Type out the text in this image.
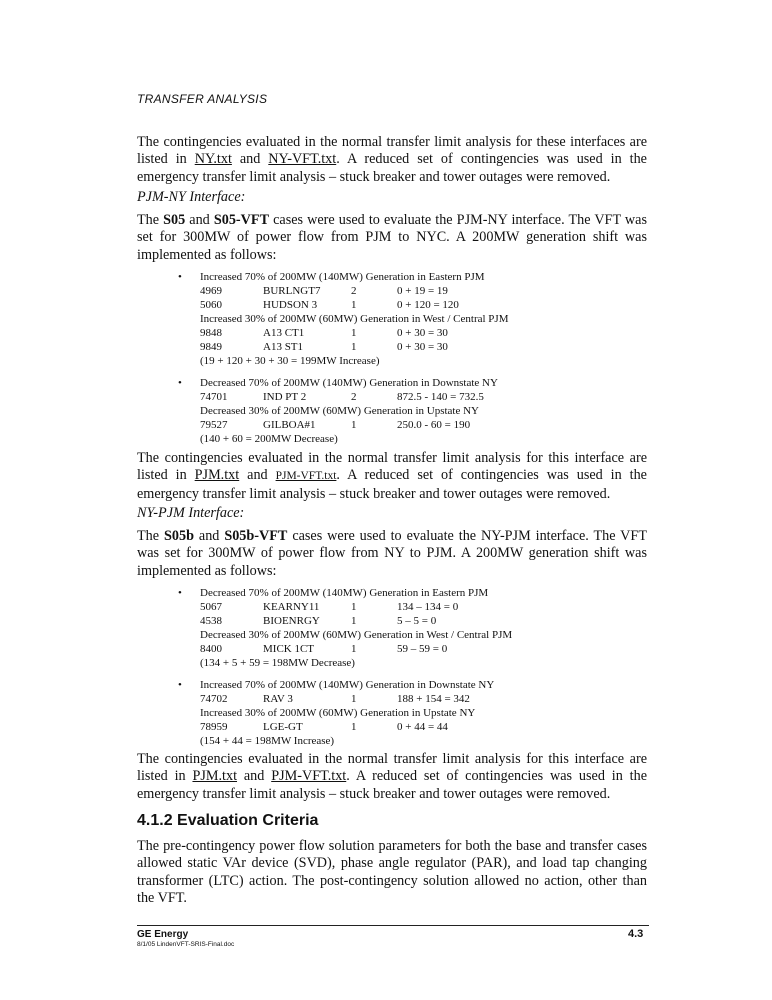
TRANSFER ANALYSIS

The contingencies evaluated in the normal transfer limit analysis for these interfaces are listed in NY.txt and NY-VFT.txt. A reduced set of contingencies was used in the emergency transfer limit analysis – stuck breaker and tower outages were removed.

PJM-NY Interface:

The S05 and S05-VFT cases were used to evaluate the PJM-NY interface. The VFT was set for 300MW of power flow from PJM to NYC. A 200MW generation shift was implemented as follows:

• Increased 70% of 200MW (140MW) Generation in Eastern PJM
4969	BURLNGT7	2	0 + 19 = 19
5060	HUDSON 3	1	0 + 120 = 120
Increased 30% of 200MW (60MW) Generation in West / Central PJM
9848	A13 CT1	1	0 + 30 = 30
9849	A13 ST1	1	0 + 30 = 30
(19 + 120 + 30 + 30 = 199MW Increase)
• Decreased 70% of 200MW (140MW) Generation in Downstate NY
74701	IND PT 2	2	872.5 - 140 = 732.5
Decreased 30% of 200MW (60MW) Generation in Upstate NY
79527	GILBOA#1	1	250.0 - 60 = 190
(140 + 60 = 200MW Decrease)

The contingencies evaluated in the normal transfer limit analysis for this interface are listed in PJM.txt and PJM-VFT.txt. A reduced set of contingencies was used in the emergency transfer limit analysis – stuck breaker and tower outages were removed.

NY-PJM Interface:

The S05b and S05b-VFT cases were used to evaluate the NY-PJM interface. The VFT was set for 300MW of power flow from NY to PJM. A 200MW generation shift was implemented as follows:

• Decreased 70% of 200MW (140MW) Generation in Eastern PJM
5067	KEARNY11	1	134 – 134 = 0
4538	BIOENRGY	1	5 – 5 = 0
Decreased 30% of 200MW (60MW) Generation in West / Central PJM
8400	MICK 1CT	1	59 – 59 = 0
(134 + 5 + 59 = 198MW Decrease)
• Increased 70% of 200MW (140MW) Generation in Downstate NY
74702	RAV 3	1	188 + 154 = 342
Increased 30% of 200MW (60MW) Generation in Upstate NY
78959	LGE-GT	1	0 + 44 = 44
(154 + 44 = 198MW Increase)

The contingencies evaluated in the normal transfer limit analysis for this interface are listed in PJM.txt and PJM-VFT.txt. A reduced set of contingencies was used in the emergency transfer limit analysis – stuck breaker and tower outages were removed.

4.1.2 Evaluation Criteria

The pre-contingency power flow solution parameters for both the base and transfer cases allowed static VAr device (SVD), phase angle regulator (PAR), and load tap changing transformer (LTC) action. The post-contingency solution allowed no action, other than the VFT.

GE Energy
8/1/05 LindenVFT-SRIS-Final.doc
4.3
